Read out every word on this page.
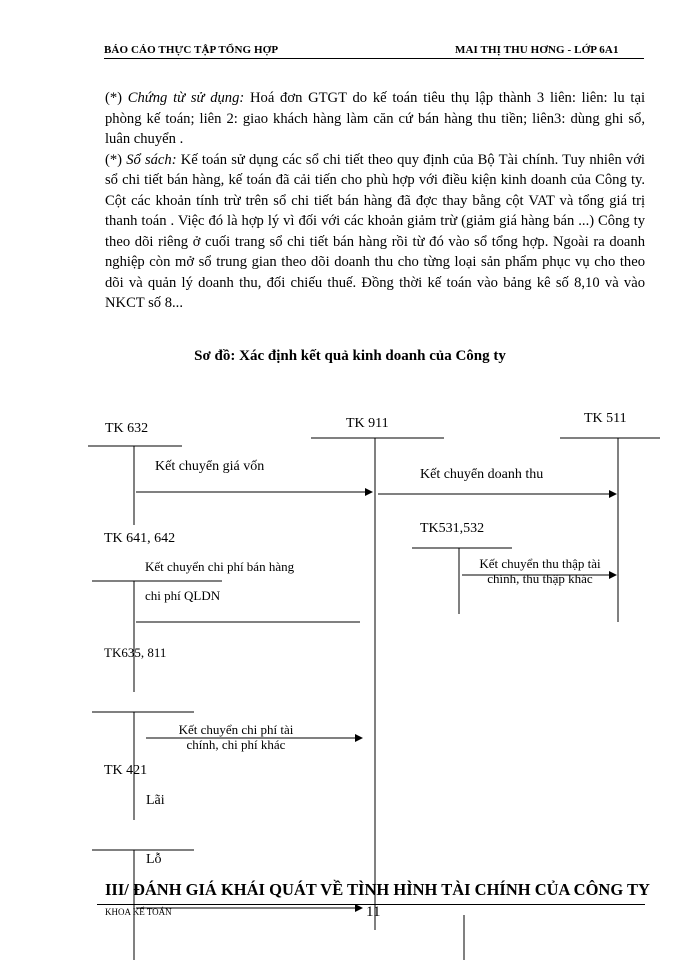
BÁO CÁO THỰC TẬP TỔNG HỢP	MAI THỊ THU HƠNG - LỚP 6A1

(*) Chứng từ sử dụng: Hoá đơn GTGT do kế toán tiêu thụ lập thành 3 liên: liên: lu tại phòng kế toán; liên 2: giao khách hàng làm căn cứ bán hàng thu tiền; liên3: dùng ghi sổ, luân chuyển .

(*) Sổ sách: Kế toán sử dụng các sổ chi tiết theo quy định của Bộ Tài chính. Tuy nhiên với sổ chi tiết bán hàng, kế toán đã cải tiến cho phù hợp với điều kiện kinh doanh của Công ty. Cột các khoản tính trừ trên sổ chi tiết bán hàng đã đợc thay bằng cột VAT và tổng giá trị thanh toán . Việc đó là hợp lý vì đối với các khoản giảm trừ (giảm giá hàng bán ...) Công ty theo dõi riêng ở cuối trang sổ chi tiết bán hàng rồi từ đó vào sổ tổng hợp. Ngoài ra doanh nghiệp còn mở sổ trung gian theo dõi doanh thu cho từng loại sản phẩm phục vụ cho theo dõi và quản lý doanh thu, đối chiếu thuế. Đồng thời kế toán vào bảng kê số 8,10 và vào NKCT số 8...

Sơ đồ: Xác định kết quả kinh doanh của Công ty
TK 632	TK 911	TK 511
TK 641, 642
TK531,532
TK635, 811
TK 421
Kết chuyển giá vốn
Kết chuyển doanh thu
Kết chuyển chi phí bán hàng
chi phí QLDN
Kết chuyển thu thập tài chính, thu thập khác
Kết chuyển chi phí tài chính, chi phí khác
Lãi
Lỗ
III/ ĐÁNH GIÁ KHÁI QUÁT VỀ TÌNH HÌNH TÀI CHÍNH CỦA CÔNG TY
KHOA KẾ TOÁN	11
